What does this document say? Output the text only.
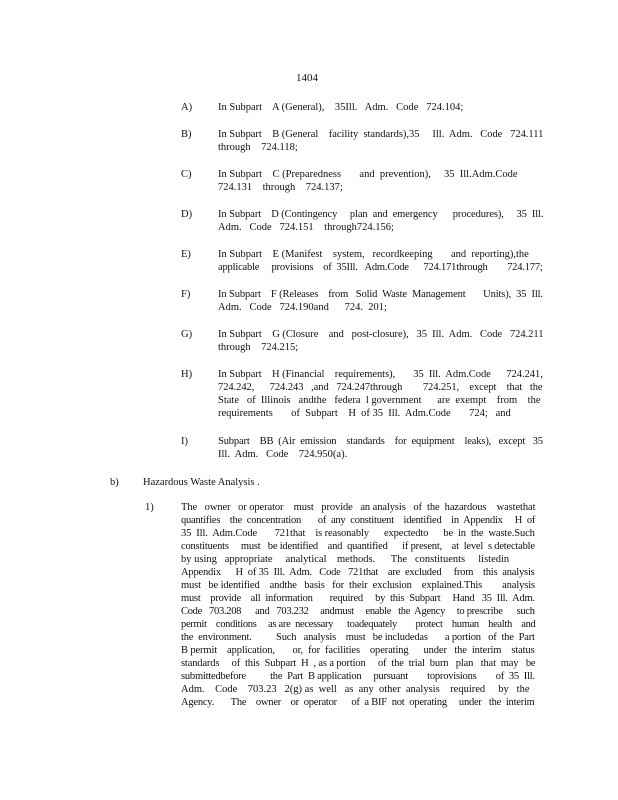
1404
A) In Subpart    A (General),    35Ill.   Adm.   Code   724.104;
B)	In Subpart    B (General    facility  standards),35     Ill.  Adm.   Code   724.111
through    724.118;
C)	In Subpart    C (Preparedness       and  prevention),     35  Ill.Adm.Code
724.131    through    724.137;
D) In Subpart    D (Contingency     plan  and  emergency      procedures),     35  Ill.
Adm.   Code   724.151    through724.156;
E)	In Subpart    E (Manifest    system,   recordkeeping       and  reporting),the
applicable     provisions    of  35Ill.   Adm.Code      724.171through        724.177;
F)	In Subpart    F (Releases    from   Solid  Waste  Management       Units),  35  Ill.
Adm.   Code   724.190and      724.  201;
G) In Subpart    G (Closure    and   post-closure),   35  Ill.  Adm.   Code   724.211
through    724.215;
H) In Subpart    H (Financial    requirements),       35  Ill.  Adm.Code      724.241,
724.242,      724.243   ,and   724.247through        724.251,    except    that   the
State   of  Illinois   andthe   federa  l government      are  exempt    from    the
requirements       of  Subpart    H  of 35  Ill.  Adm.Code       724;   and
I)	Subpart    BB  (Air  emission    standards    for  equipment    leaks),   except   35
Ill.  Adm.   Code    724.950(a).
b) Hazardous Waste Analysis .
1)	The   owner   or operator    must   provide   an analysis   of  the  hazardous    wastethat
quantifies    the  concentration       of  any  constituent    identified    in  Appendix     H  of
35  Ill.  Adm.Code       721that    is reasonably      expectedto      be  in  the  waste.Such
constituents     must   be identified    and  quantified      if present,    at  level  s detectable
by using   appropriate     analytical    methods.      The   constituents     listedin
Appendix      H  of 35  Ill.  Adm.   Code   721that    are  excluded     from    this  analysis
must   be identified    andthe   basis   for  their  exclusion    explained.This        analysis
must    provide    all  information       required     by  this  Subpart     Hand   35  Ill.  Adm.
Code   703.208      and   703.232     andmust     enable   the  Agency     to prescribe      such
permit    conditions     as are  necessary      toadequately        protect    human    health    and
the  environment.          Such   analysis    must   be includedas       a portion   of  the  Part
B permit    application,       or,  for  facilities    operating      under   the  interim    status
standards     of  this  Subpart  H  , as a portion     of  the  trial  burn   plan   that  may   be
submittedbefore          the  Part  B application     pursuant        toprovisions        of  35  Ill.
Adm.    Code    703.23   2(g) as  well   as  any  other  analysis    required     by   the
Agency.       The    owner    or  operator      of  a BIF  not  operating     under   the  interim
